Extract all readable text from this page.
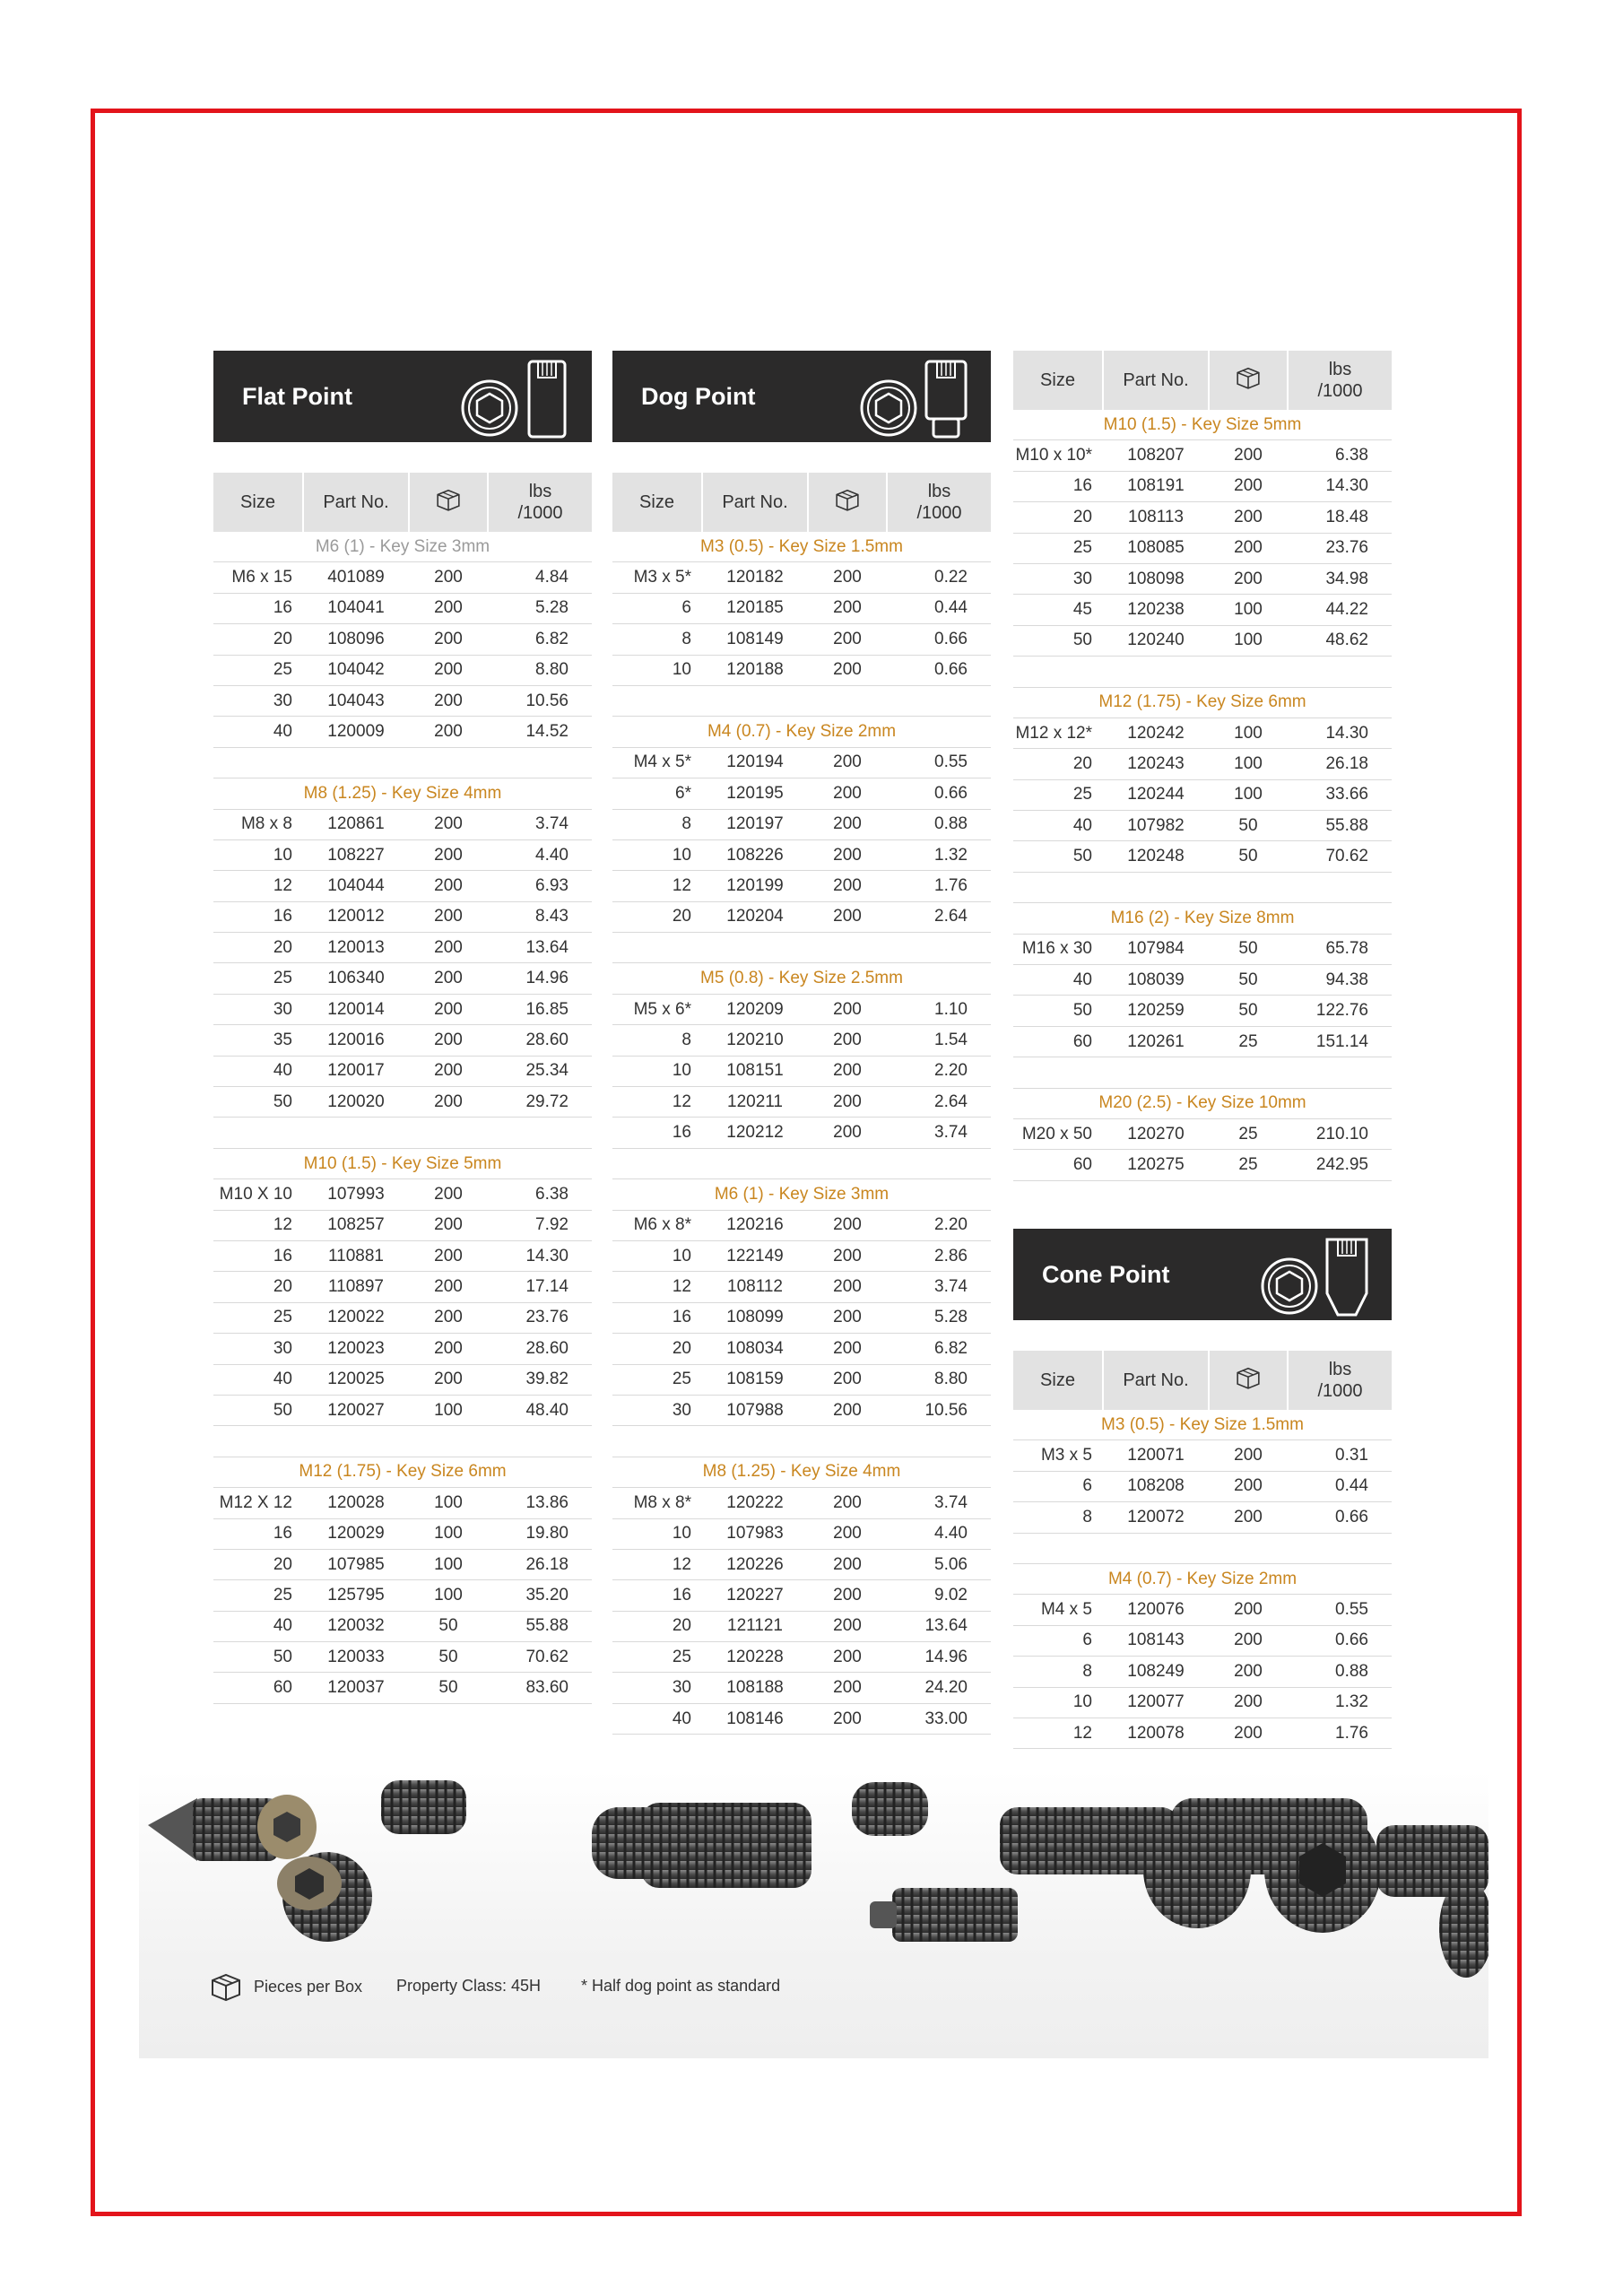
Flat Point
Size	Part No.		lbs
/1000
M6 (1) - Key Size 3mm			
M6 x 15	401089	200	4.84
16	104041	200	5.28
20	108096	200	6.82
25	104042	200	8.80
30	104043	200	10.56
40	120009	200	14.52

M8 (1.25) - Key Size 4mm			
M8 x 8	120861	200	3.74
10	108227	200	4.40
12	104044	200	6.93
16	120012	200	8.43
20	120013	200	13.64
25	106340	200	14.96
30	120014	200	16.85
35	120016	200	28.60
40	120017	200	25.34
50	120020	200	29.72

M10 (1.5) - Key Size 5mm			
M10 X 10	107993	200	6.38
12	108257	200	7.92
16	110881	200	14.30
20	110897	200	17.14
25	120022	200	23.76
30	120023	200	28.60
40	120025	200	39.82
50	120027	100	48.40

M12 (1.75) - Key Size 6mm			
M12 X 12	120028	100	13.86
16	120029	100	19.80
20	107985	100	26.18
25	125795	100	35.20
40	120032	50	55.88
50	120033	50	70.62
60	120037	50	83.60
Dog Point
Size	Part No.		lbs
/1000
M3 (0.5) - Key Size 1.5mm			
M3 x 5*	120182	200	0.22
6	120185	200	0.44
8	108149	200	0.66
10	120188	200	0.66

M4 (0.7) - Key Size 2mm			
M4 x 5*	120194	200	0.55
6*	120195	200	0.66
8	120197	200	0.88
10	108226	200	1.32
12	120199	200	1.76
20	120204	200	2.64

M5 (0.8) - Key Size 2.5mm			
M5 x 6*	120209	200	1.10
8	120210	200	1.54
10	108151	200	2.20
12	120211	200	2.64
16	120212	200	3.74

M6 (1) - Key Size 3mm			
M6 x 8*	120216	200	2.20
10	122149	200	2.86
12	108112	200	3.74
16	108099	200	5.28
20	108034	200	6.82
25	108159	200	8.80
30	107988	200	10.56

M8 (1.25) - Key Size 4mm			
M8 x 8*	120222	200	3.74
10	107983	200	4.40
12	120226	200	5.06
16	120227	200	9.02
20	121121	200	13.64
25	120228	200	14.96
30	108188	200	24.20
40	108146	200	33.00
Size	Part No.		lbs
/1000
M10 (1.5) - Key Size 5mm			
M10 x 10*	108207	200	6.38
16	108191	200	14.30
20	108113	200	18.48
25	108085	200	23.76
30	108098	200	34.98
45	120238	100	44.22
50	120240	100	48.62

M12 (1.75) - Key Size 6mm			
M12 x 12*	120242	100	14.30
20	120243	100	26.18
25	120244	100	33.66
40	107982	50	55.88
50	120248	50	70.62

M16 (2) - Key Size 8mm			
M16 x 30	107984	50	65.78
40	108039	50	94.38
50	120259	50	122.76
60	120261	25	151.14

M20 (2.5) - Key Size 10mm			
M20 x 50	120270	25	210.10
60	120275	25	242.95
Cone Point
Size	Part No.		lbs
/1000
M3 (0.5) - Key Size 1.5mm			
M3 x 5	120071	200	0.31
6	108208	200	0.44
8	120072	200	0.66

M4 (0.7) - Key Size 2mm			
M4 x 5	120076	200	0.55
6	108143	200	0.66
8	108249	200	0.88
10	120077	200	1.32
12	120078	200	1.76
Pieces per Box Property Class: 45H * Half dog point as standard
